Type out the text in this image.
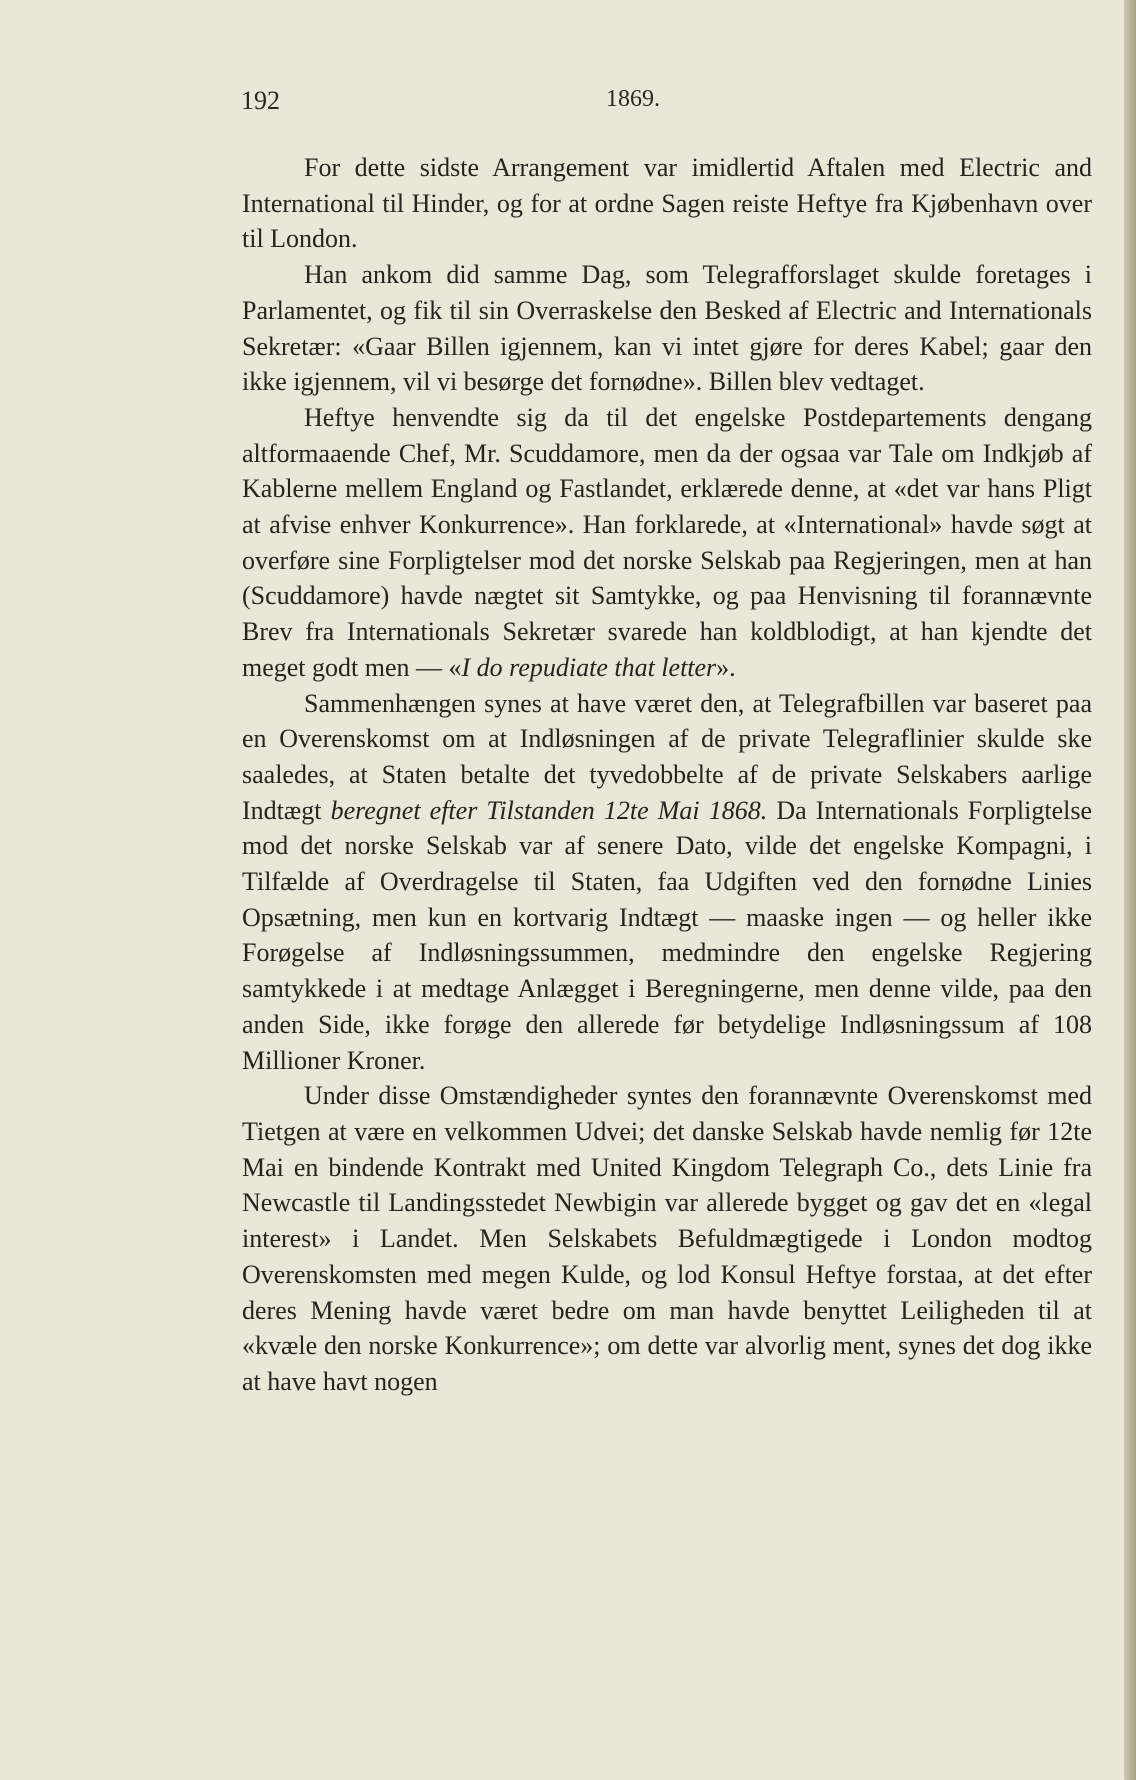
192	1869.

For dette sidste Arrangement var imidlertid Aftalen med Electric and International til Hinder, og for at ordne Sagen reiste Heftye fra Kjøbenhavn over til London.

Han ankom did samme Dag, som Telegrafforslaget skulde foretages i Parlamentet, og fik til sin Overraskelse den Besked af Electric and Internationals Sekretær: «Gaar Billen igjennem, kan vi intet gjøre for deres Kabel; gaar den ikke igjennem, vil vi besørge det fornødne». Billen blev vedtaget.

Heftye henvendte sig da til det engelske Postdepartements dengang altformaaende Chef, Mr. Scuddamore, men da der ogsaa var Tale om Indkjøb af Kablerne mellem England og Fastlandet, erklærede denne, at «det var hans Pligt at afvise enhver Konkurrence». Han forklarede, at «International» havde søgt at overføre sine Forpligtelser mod det norske Selskab paa Regjeringen, men at han (Scuddamore) havde nægtet sit Samtykke, og paa Henvisning til forannævnte Brev fra Internationals Sekretær svarede han koldblodigt, at han kjendte det meget godt men — «I do repudiate that letter».

Sammenhængen synes at have været den, at Telegrafbillen var baseret paa en Overenskomst om at Indløsningen af de private Telegraflinier skulde ske saaledes, at Staten betalte det tyvedobbelte af de private Selskabers aarlige Indtægt beregnet efter Tilstanden 12te Mai 1868. Da Internationals Forpligtelse mod det norske Selskab var af senere Dato, vilde det engelske Kompagni, i Tilfælde af Overdragelse til Staten, faa Udgiften ved den fornødne Linies Opsætning, men kun en kortvarig Indtægt — maaske ingen — og heller ikke Forøgelse af Indløsningssummen, medmindre den engelske Regjering samtykkede i at medtage Anlægget i Beregningerne, men denne vilde, paa den anden Side, ikke forøge den allerede før betydelige Indløsningssum af 108 Millioner Kroner.

Under disse Omstændigheder syntes den forannævnte Overenskomst med Tietgen at være en velkommen Udvei; det danske Selskab havde nemlig før 12te Mai en bindende Kontrakt med United Kingdom Telegraph Co., dets Linie fra Newcastle til Landingsstedet Newbigin var allerede bygget og gav det en «legal interest» i Landet. Men Selskabets Befuldmægtigede i London modtog Overenskomsten med megen Kulde, og lod Konsul Heftye forstaa, at det efter deres Mening havde været bedre om man havde benyttet Leiligheden til at «kvæle den norske Konkurrence»; om dette var alvorlig ment, synes det dog ikke at have havt nogen
